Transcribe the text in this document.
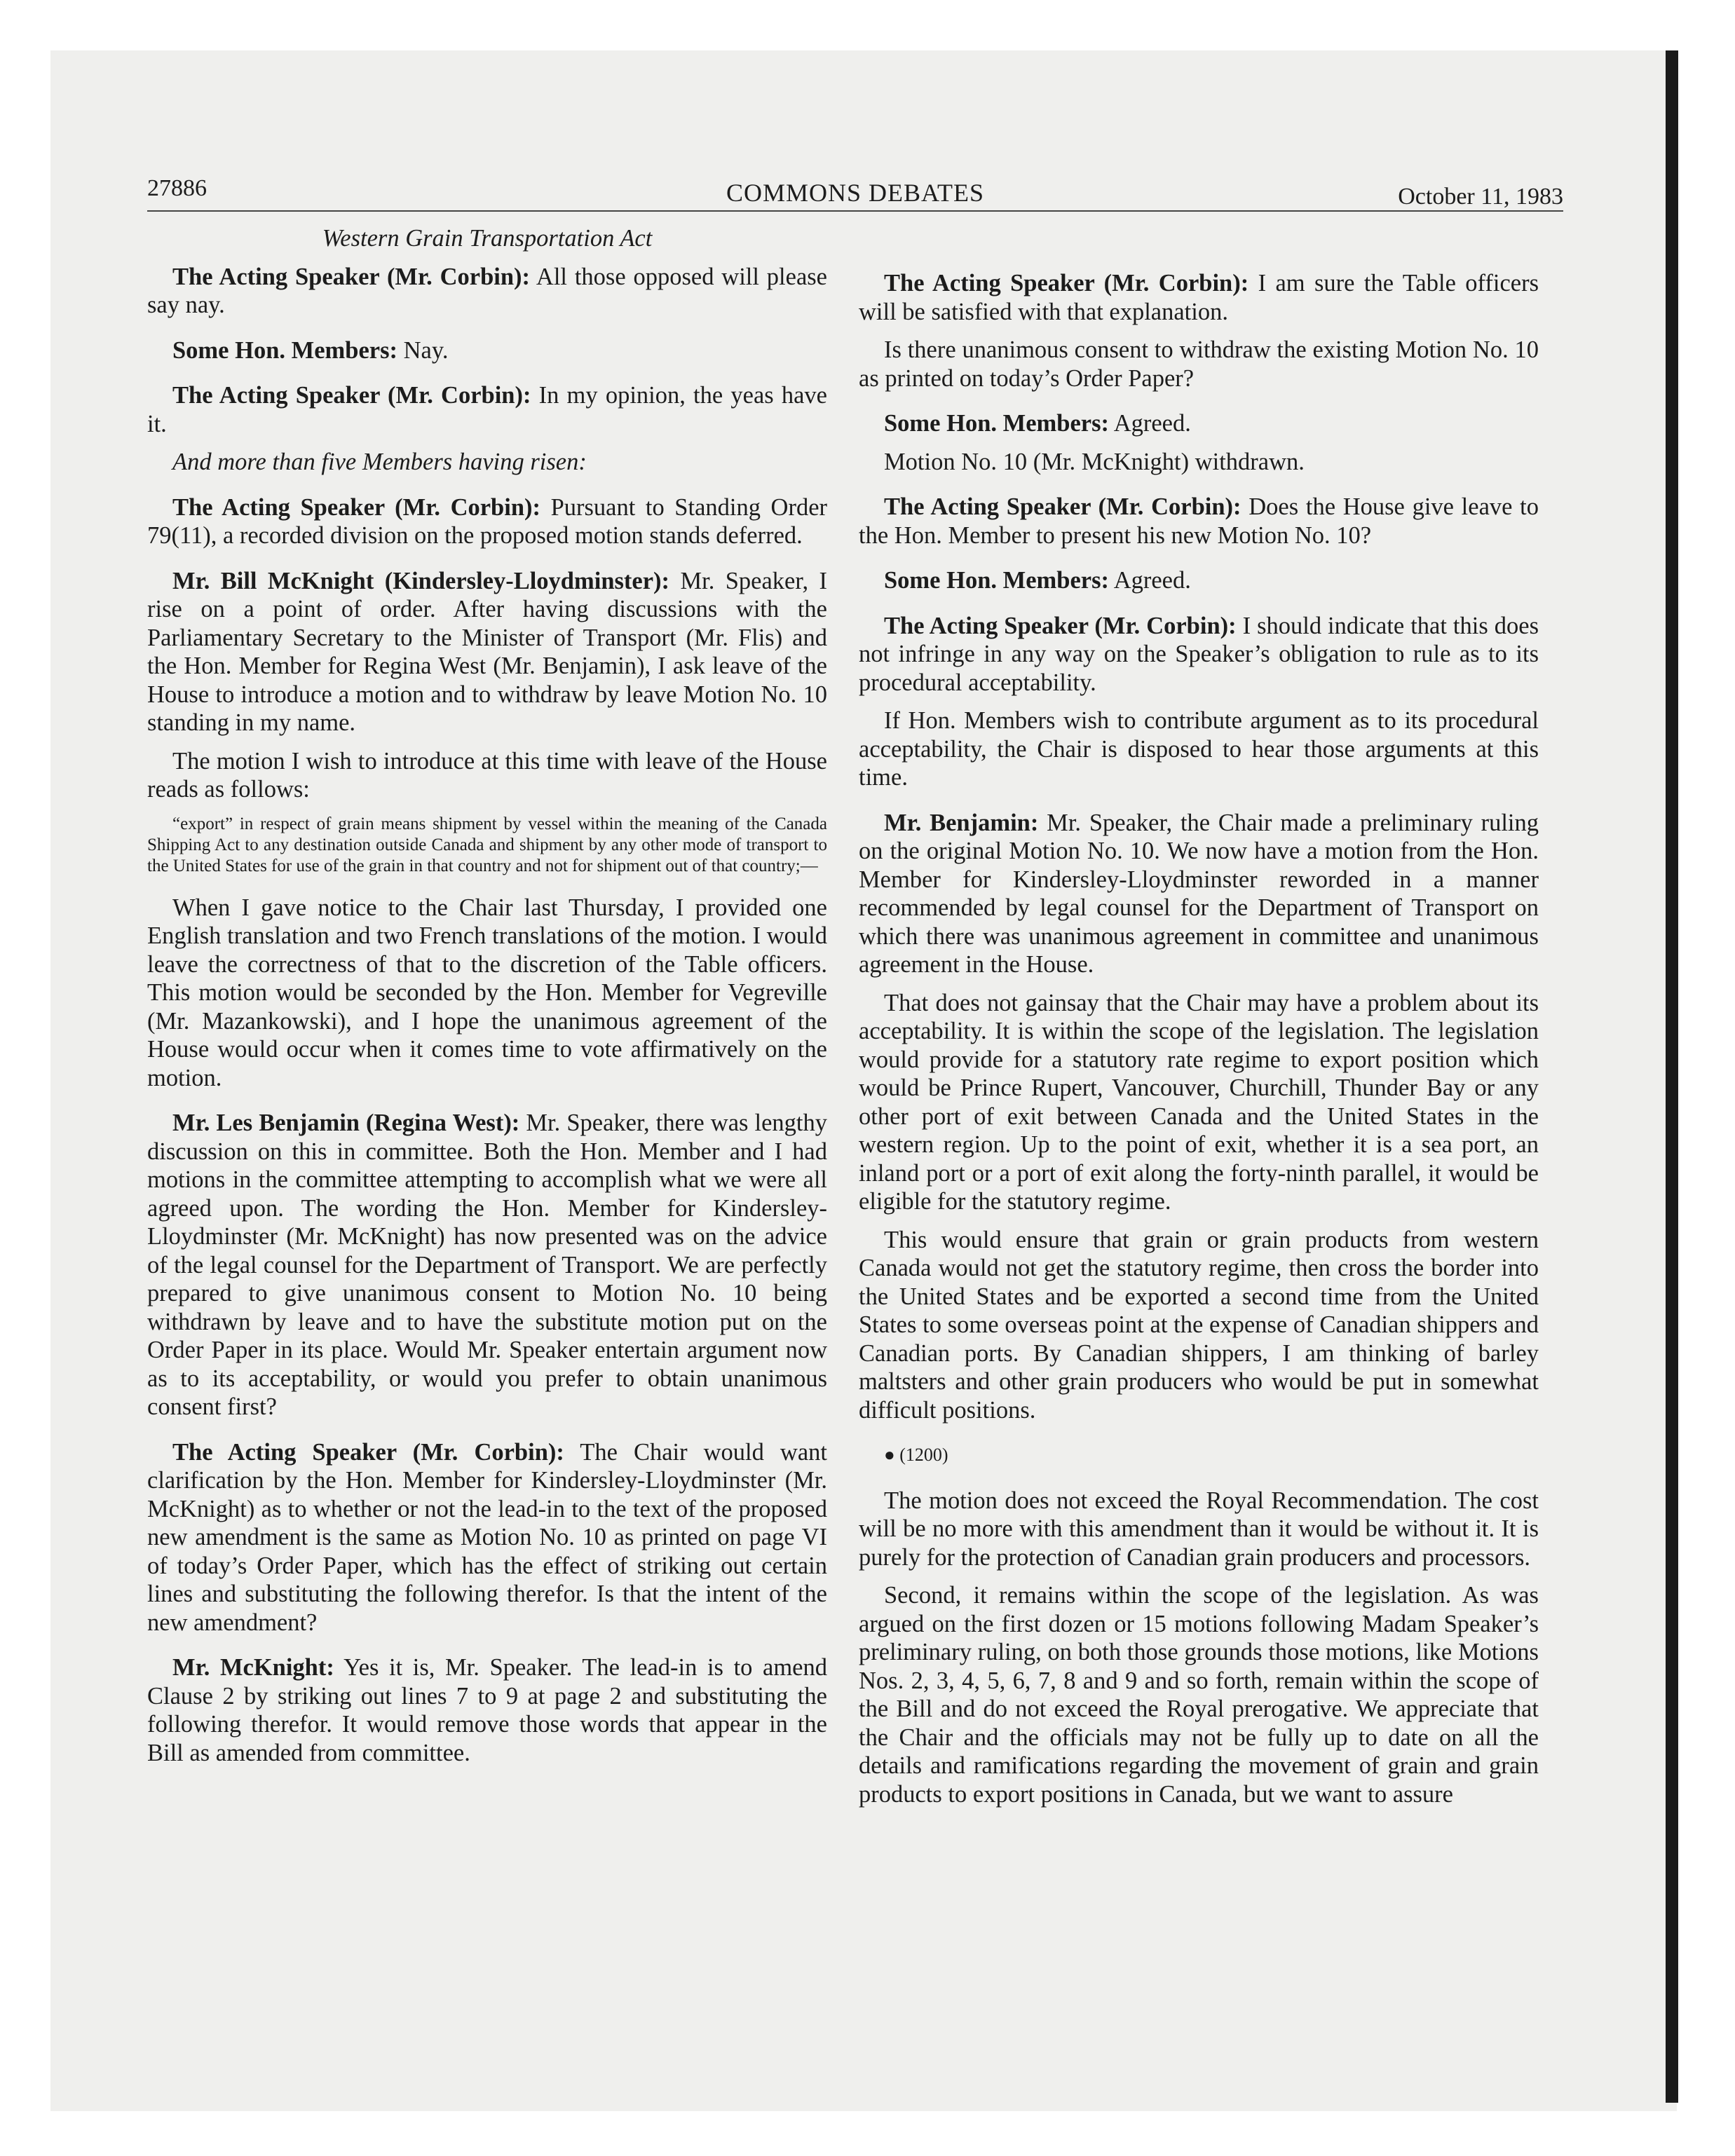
27886	COMMONS DEBATES	October 11, 1983

Western Grain Transportation Act

The Acting Speaker (Mr. Corbin): All those opposed will please say nay.

Some Hon. Members: Nay.

The Acting Speaker (Mr. Corbin): In my opinion, the yeas have it.

And more than five Members having risen:

The Acting Speaker (Mr. Corbin): Pursuant to Standing Order 79(11), a recorded division on the proposed motion stands deferred.

Mr. Bill McKnight (Kindersley-Lloydminster): Mr. Speaker, I rise on a point of order. After having discussions with the Parliamentary Secretary to the Minister of Transport (Mr. Flis) and the Hon. Member for Regina West (Mr. Benjamin), I ask leave of the House to introduce a motion and to withdraw by leave Motion No. 10 standing in my name.

The motion I wish to introduce at this time with leave of the House reads as follows:

“export” in respect of grain means shipment by vessel within the meaning of the Canada Shipping Act to any destination outside Canada and shipment by any other mode of transport to the United States for use of the grain in that country and not for shipment out of that country;—

When I gave notice to the Chair last Thursday, I provided one English translation and two French translations of the motion. I would leave the correctness of that to the discretion of the Table officers. This motion would be seconded by the Hon. Member for Vegreville (Mr. Mazankowski), and I hope the unanimous agreement of the House would occur when it comes time to vote affirmatively on the motion.

Mr. Les Benjamin (Regina West): Mr. Speaker, there was lengthy discussion on this in committee. Both the Hon. Member and I had motions in the committee attempting to accomplish what we were all agreed upon. The wording the Hon. Member for Kindersley-Lloydminster (Mr. McKnight) has now presented was on the advice of the legal counsel for the Department of Transport. We are perfectly prepared to give unanimous consent to Motion No. 10 being withdrawn by leave and to have the substitute motion put on the Order Paper in its place. Would Mr. Speaker entertain argument now as to its acceptability, or would you prefer to obtain unanimous consent first?

The Acting Speaker (Mr. Corbin): The Chair would want clarification by the Hon. Member for Kindersley-Lloydminster (Mr. McKnight) as to whether or not the lead-in to the text of the proposed new amendment is the same as Motion No. 10 as printed on page VI of today’s Order Paper, which has the effect of striking out certain lines and substituting the following therefor. Is that the intent of the new amendment?

Mr. McKnight: Yes it is, Mr. Speaker. The lead-in is to amend Clause 2 by striking out lines 7 to 9 at page 2 and substituting the following therefor. It would remove those words that appear in the Bill as amended from committee.

The Acting Speaker (Mr. Corbin): I am sure the Table officers will be satisfied with that explanation.

Is there unanimous consent to withdraw the existing Motion No. 10 as printed on today’s Order Paper?

Some Hon. Members: Agreed.

Motion No. 10 (Mr. McKnight) withdrawn.

The Acting Speaker (Mr. Corbin): Does the House give leave to the Hon. Member to present his new Motion No. 10?

Some Hon. Members: Agreed.

The Acting Speaker (Mr. Corbin): I should indicate that this does not infringe in any way on the Speaker’s obligation to rule as to its procedural acceptability.

If Hon. Members wish to contribute argument as to its procedural acceptability, the Chair is disposed to hear those arguments at this time.

Mr. Benjamin: Mr. Speaker, the Chair made a preliminary ruling on the original Motion No. 10. We now have a motion from the Hon. Member for Kindersley-Lloydminster reworded in a manner recommended by legal counsel for the Department of Transport on which there was unanimous agreement in committee and unanimous agreement in the House.

That does not gainsay that the Chair may have a problem about its acceptability. It is within the scope of the legislation. The legislation would provide for a statutory rate regime to export position which would be Prince Rupert, Vancouver, Churchill, Thunder Bay or any other port of exit between Canada and the United States in the western region. Up to the point of exit, whether it is a sea port, an inland port or a port of exit along the forty-ninth parallel, it would be eligible for the statutory regime.

This would ensure that grain or grain products from western Canada would not get the statutory regime, then cross the border into the United States and be exported a second time from the United States to some overseas point at the expense of Canadian shippers and Canadian ports. By Canadian shippers, I am thinking of barley maltsters and other grain producers who would be put in somewhat difficult positions.

● (1200)

The motion does not exceed the Royal Recommendation. The cost will be no more with this amendment than it would be without it. It is purely for the protection of Canadian grain producers and processors.

Second, it remains within the scope of the legislation. As was argued on the first dozen or 15 motions following Madam Speaker’s preliminary ruling, on both those grounds those motions, like Motions Nos. 2, 3, 4, 5, 6, 7, 8 and 9 and so forth, remain within the scope of the Bill and do not exceed the Royal prerogative. We appreciate that the Chair and the officials may not be fully up to date on all the details and ramifications regarding the movement of grain and grain products to export positions in Canada, but we want to assure
